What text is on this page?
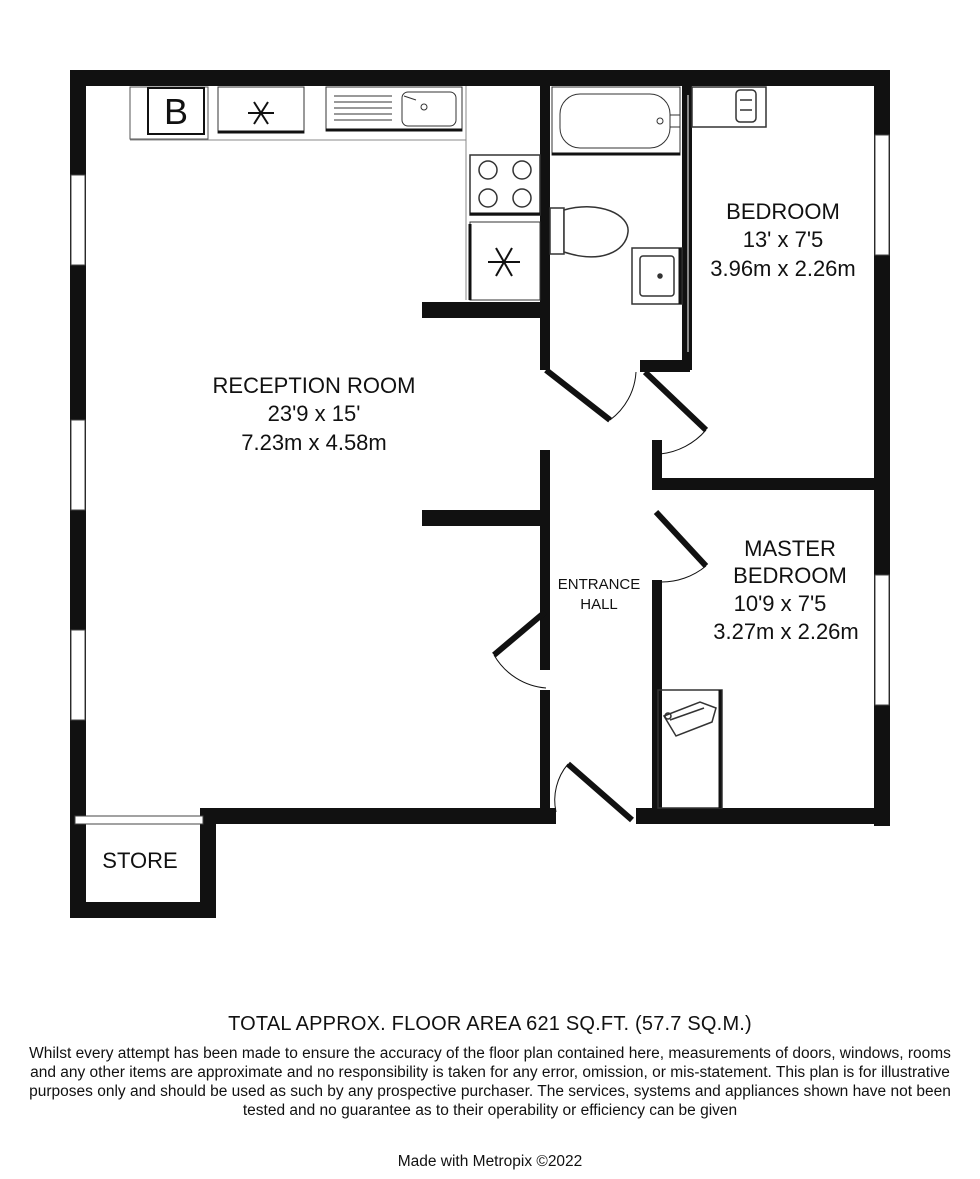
B
RECEPTION ROOM
23'9 x 15'
7.23m x 4.58m
BEDROOM
13' x 7'5
3.96m x 2.26m
MASTER
BEDROOM
10'9 x 7'5
3.27m x 2.26m
ENTRANCE
HALL
STORE
TOTAL APPROX. FLOOR AREA 621 SQ.FT. (57.7 SQ.M.)
Whilst every attempt has been made to ensure the accuracy of the floor plan contained here, measurements of doors, windows, rooms and any other items are approximate and no responsibility is taken for any error, omission, or mis-statement. This plan is for illustrative purposes only and should be used as such by any prospective purchaser. The services, systems and appliances shown have not been tested and no guarantee as to their operability or efficiency can be given
Made with Metropix ©2022
